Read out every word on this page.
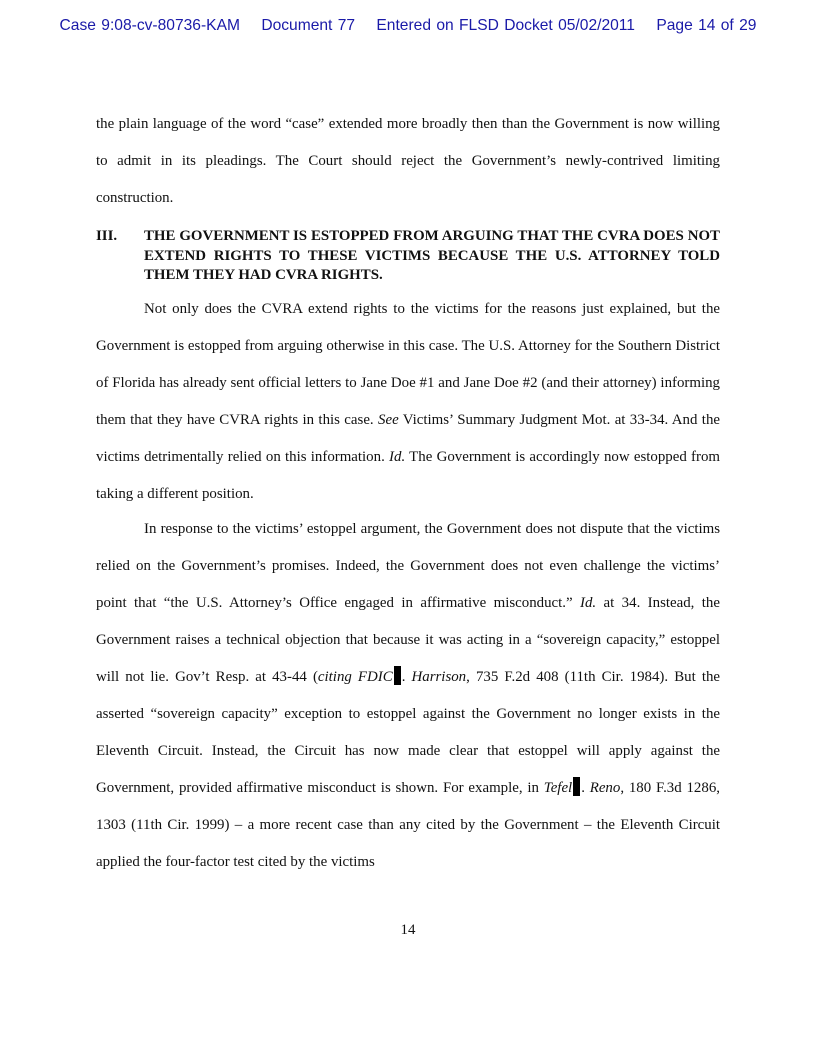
Case 9:08-cv-80736-KAM Document 77 Entered on FLSD Docket 05/02/2011 Page 14 of 29

the plain language of the word “case” extended more broadly then than the Government is now willing to admit in its pleadings. The Court should reject the Government’s newly-contrived limiting construction.

III. THE GOVERNMENT IS ESTOPPED FROM ARGUING THAT THE CVRA DOES NOT EXTEND RIGHTS TO THESE VICTIMS BECAUSE THE U.S. ATTORNEY TOLD THEM THEY HAD CVRA RIGHTS.

Not only does the CVRA extend rights to the victims for the reasons just explained, but the Government is estopped from arguing otherwise in this case. The U.S. Attorney for the Southern District of Florida has already sent official letters to Jane Doe #1 and Jane Doe #2 (and their attorney) informing them that they have CVRA rights in this case. See Victims’ Summary Judgment Mot. at 33-34. And the victims detrimentally relied on this information. Id. The Government is accordingly now estopped from taking a different position.

In response to the victims’ estoppel argument, the Government does not dispute that the victims relied on the Government’s promises. Indeed, the Government does not even challenge the victims’ point that “the U.S. Attorney’s Office engaged in affirmative misconduct.” Id. at 34. Instead, the Government raises a technical objection that because it was acting in a “sovereign capacity,” estoppel will not lie. Gov’t Resp. at 43-44 (citing FDIC . Harrison, 735 F.2d 408 (11th Cir. 1984). But the asserted “sovereign capacity” exception to estoppel against the Government no longer exists in the Eleventh Circuit. Instead, the Circuit has now made clear that estoppel will apply against the Government, provided affirmative misconduct is shown. For example, in Tefel . Reno, 180 F.3d 1286, 1303 (11th Cir. 1999) – a more recent case than any cited by the Government – the Eleventh Circuit applied the four-factor test cited by the victims

14
